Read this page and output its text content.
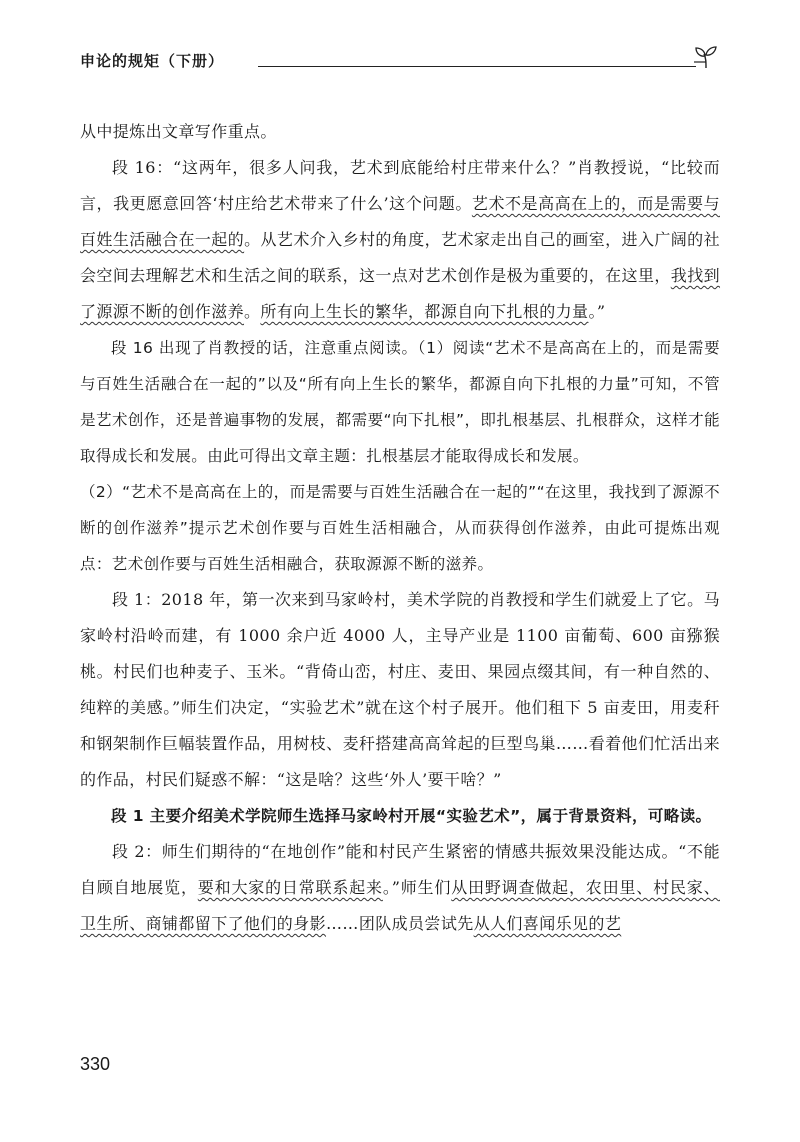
申论的规矩（下册）

从中提炼出文章写作重点。

段 16：“这两年，很多人问我，艺术到底能给村庄带来什么？”肖教授说，“比较而言，我更愿意回答‘村庄给艺术带来了什么’这个问题。艺术不是高高在上的，而是需要与百姓生活融合在一起的。从艺术介入乡村的角度，艺术家走出自己的画室，进入广阔的社会空间去理解艺术和生活之间的联系，这一点对艺术创作是极为重要的，在这里，我找到了源源不断的创作滋养。所有向上生长的繁华，都源自向下扎根的力量。”

段 16 出现了肖教授的话，注意重点阅读。（1）阅读“艺术不是高高在上的，而是需要与百姓生活融合在一起的”以及“所有向上生长的繁华，都源自向下扎根的力量”可知，不管是艺术创作，还是普遍事物的发展，都需要“向下扎根”，即扎根基层、扎根群众，这样才能取得成长和发展。由此可得出文章主题：扎根基层才能取得成长和发展。

（2）“艺术不是高高在上的，而是需要与百姓生活融合在一起的”“在这里，我找到了源源不断的创作滋养”提示艺术创作要与百姓生活相融合，从而获得创作滋养，由此可提炼出观点：艺术创作要与百姓生活相融合，获取源源不断的滋养。

段 1：2018 年，第一次来到马家岭村，美术学院的肖教授和学生们就爱上了它。马家岭村沿岭而建，有 1000 余户近 4000 人，主导产业是 1100 亩葡萄、600 亩猕猴桃。村民们也种麦子、玉米。“背倚山峦，村庄、麦田、果园点缀其间，有一种自然的、纯粹的美感。”师生们决定，“实验艺术”就在这个村子展开。他们租下 5 亩麦田，用麦秆和钢架制作巨幅装置作品，用树枝、麦秆搭建高高耸起的巨型鸟巢……看着他们忙活出来的作品，村民们疑惑不解：“这是啥？这些‘外人’要干啥？”

段 1 主要介绍美术学院师生选择马家岭村开展“实验艺术”，属于背景资料，可略读。

段 2：师生们期待的“在地创作”能和村民产生紧密的情感共振效果没能达成。“不能自顾自地展览，要和大家的日常联系起来。”师生们从田野调查做起，农田里、村民家、卫生所、商铺都留下了他们的身影……团队成员尝试先从人们喜闻乐见的艺

330
